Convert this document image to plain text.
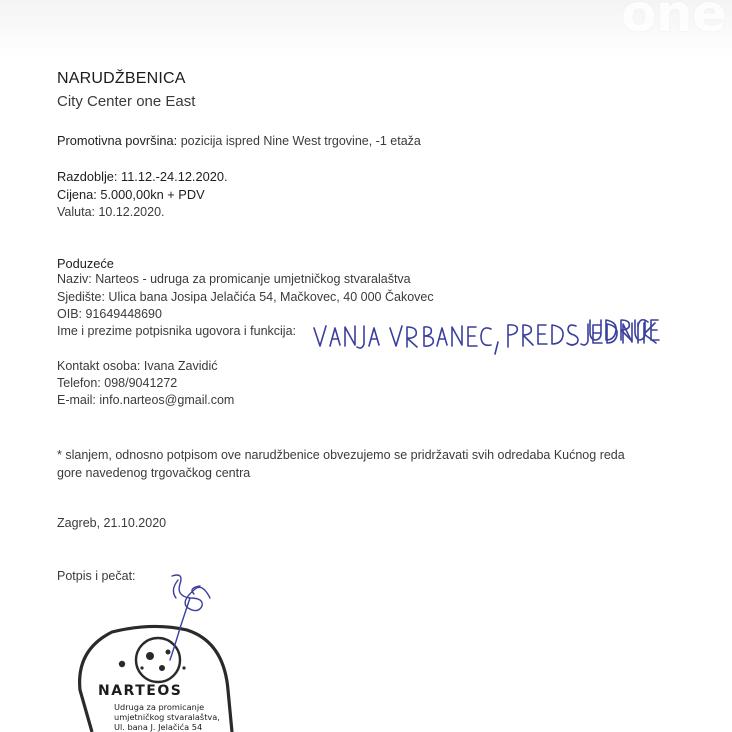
one
NARUDŽBENICA
City Center one East
Promotivna površina: pozicija ispred Nine West trgovine, -1 etaža
Razdoblje: 11.12.-24.12.2020.
Cijena: 5.000,00kn + PDV
Valuta: 10.12.2020.
Poduzeće
Naziv: Narteos - udruga za promicanje umjetničkog stvaralaštva
Sjedište: Ulica bana Josipa Jelačića 54, Mačkovec, 40 000 Čakovec
OIB: 91649448690
Ime i prezime potpisnika ugovora i funkcija:
Kontakt osoba: Ivana Zavidić
Telefon: 098/9041272
E-mail: info.narteos@gmail.com
* slanjem, odnosno potpisom ove narudžbenice obvezujemo se pridržavati svih odredaba Kućnog reda
gore navedenog trgovačkog centra
Zagreb, 21.10.2020
Potpis i pečat:
NARTEOS
Udruga za promicanje
umjetničkog stvaralaštva,
Ul. bana J. Jelačića 54
